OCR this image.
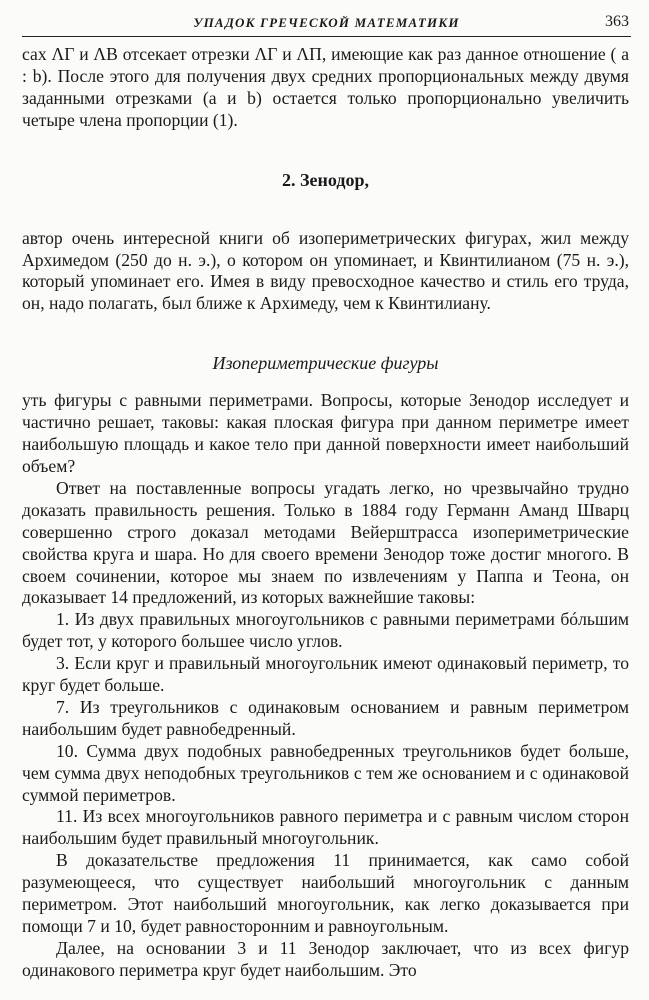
УПАДОК ГРЕЧЕСКОЙ МАТЕМАТИКИ	363

сах ΛΓ и ΛB отсекает отрезки ΛΓ и ΛΠ, имеющие как раз данное отношение ( a : b). После этого для получения двух средних пропорциональных между двумя заданными отрезками (a и b) остается только пропорционально увеличить четыре члена пропорции (1).

2. Зенодор,

автор очень интересной книги об изопериметрических фигурах, жил между Архимедом (250 до н. э.), о котором он упоминает, и Квинтилианом (75 н. э.), который упоминает его. Имея в виду превосходное качество и стиль его труда, он, надо полагать, был ближе к Архимеду, чем к Квинтилиану.

Изопериметрические фигуры

уть фигуры с равными периметрами. Вопросы, которые Зенодор исследует и частично решает, таковы: какая плоская фигура при данном периметре имеет наибольшую площадь и какое тело при данной поверхности имеет наибольший объем?

Ответ на поставленные вопросы угадать легко, но чрезвычайно трудно доказать правильность решения. Только в 1884 году Германн Аманд Шварц совершенно строго доказал методами Вейерштрасса изопериметрические свойства круга и шара. Но для своего времени Зенодор тоже достиг многого. В своем сочинении, которое мы знаем по извлечениям у Паппа и Теона, он доказывает 14 предложений, из которых важнейшие таковы:

1. Из двух правильных многоугольников с равными периметрами бóльшим будет тот, у которого большее число углов.

3. Если круг и правильный многоугольник имеют одинаковый периметр, то круг будет больше.

7. Из треугольников с одинаковым основанием и равным периметром наибольшим будет равнобедренный.

10. Сумма двух подобных равнобедренных треугольников будет больше, чем сумма двух неподобных треугольников с тем же основанием и с одинаковой суммой периметров.

11. Из всех многоугольников равного периметра и с равным числом сторон наибольшим будет правильный многоугольник.

В доказательстве предложения 11 принимается, как само собой разумеющееся, что существует наибольший многоугольник с данным периметром. Этот наибольший многоугольник, как легко доказывается при помощи 7 и 10, будет равносторонним и равноугольным.

Далее, на основании 3 и 11 Зенодор заключает, что из всех фигур одинакового периметра круг будет наибольшим. Это
